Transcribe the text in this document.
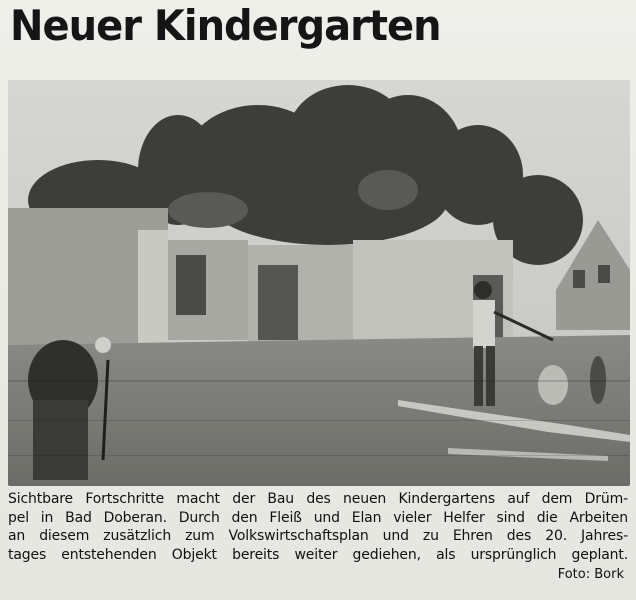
Neuer Kindergarten

Sichtbare Fortschritte macht der Bau des neuen Kindergartens auf dem Drüm-
pel in Bad Doberan. Durch den Fleiß und Elan vieler Helfer sind die Arbeiten
an diesem zusätzlich zum Volkswirtschaftsplan und zu Ehren des 20. Jahres-
tages entstehenden Objekt bereits weiter gediehen, als ursprünglich geplant.

Foto: Bork
